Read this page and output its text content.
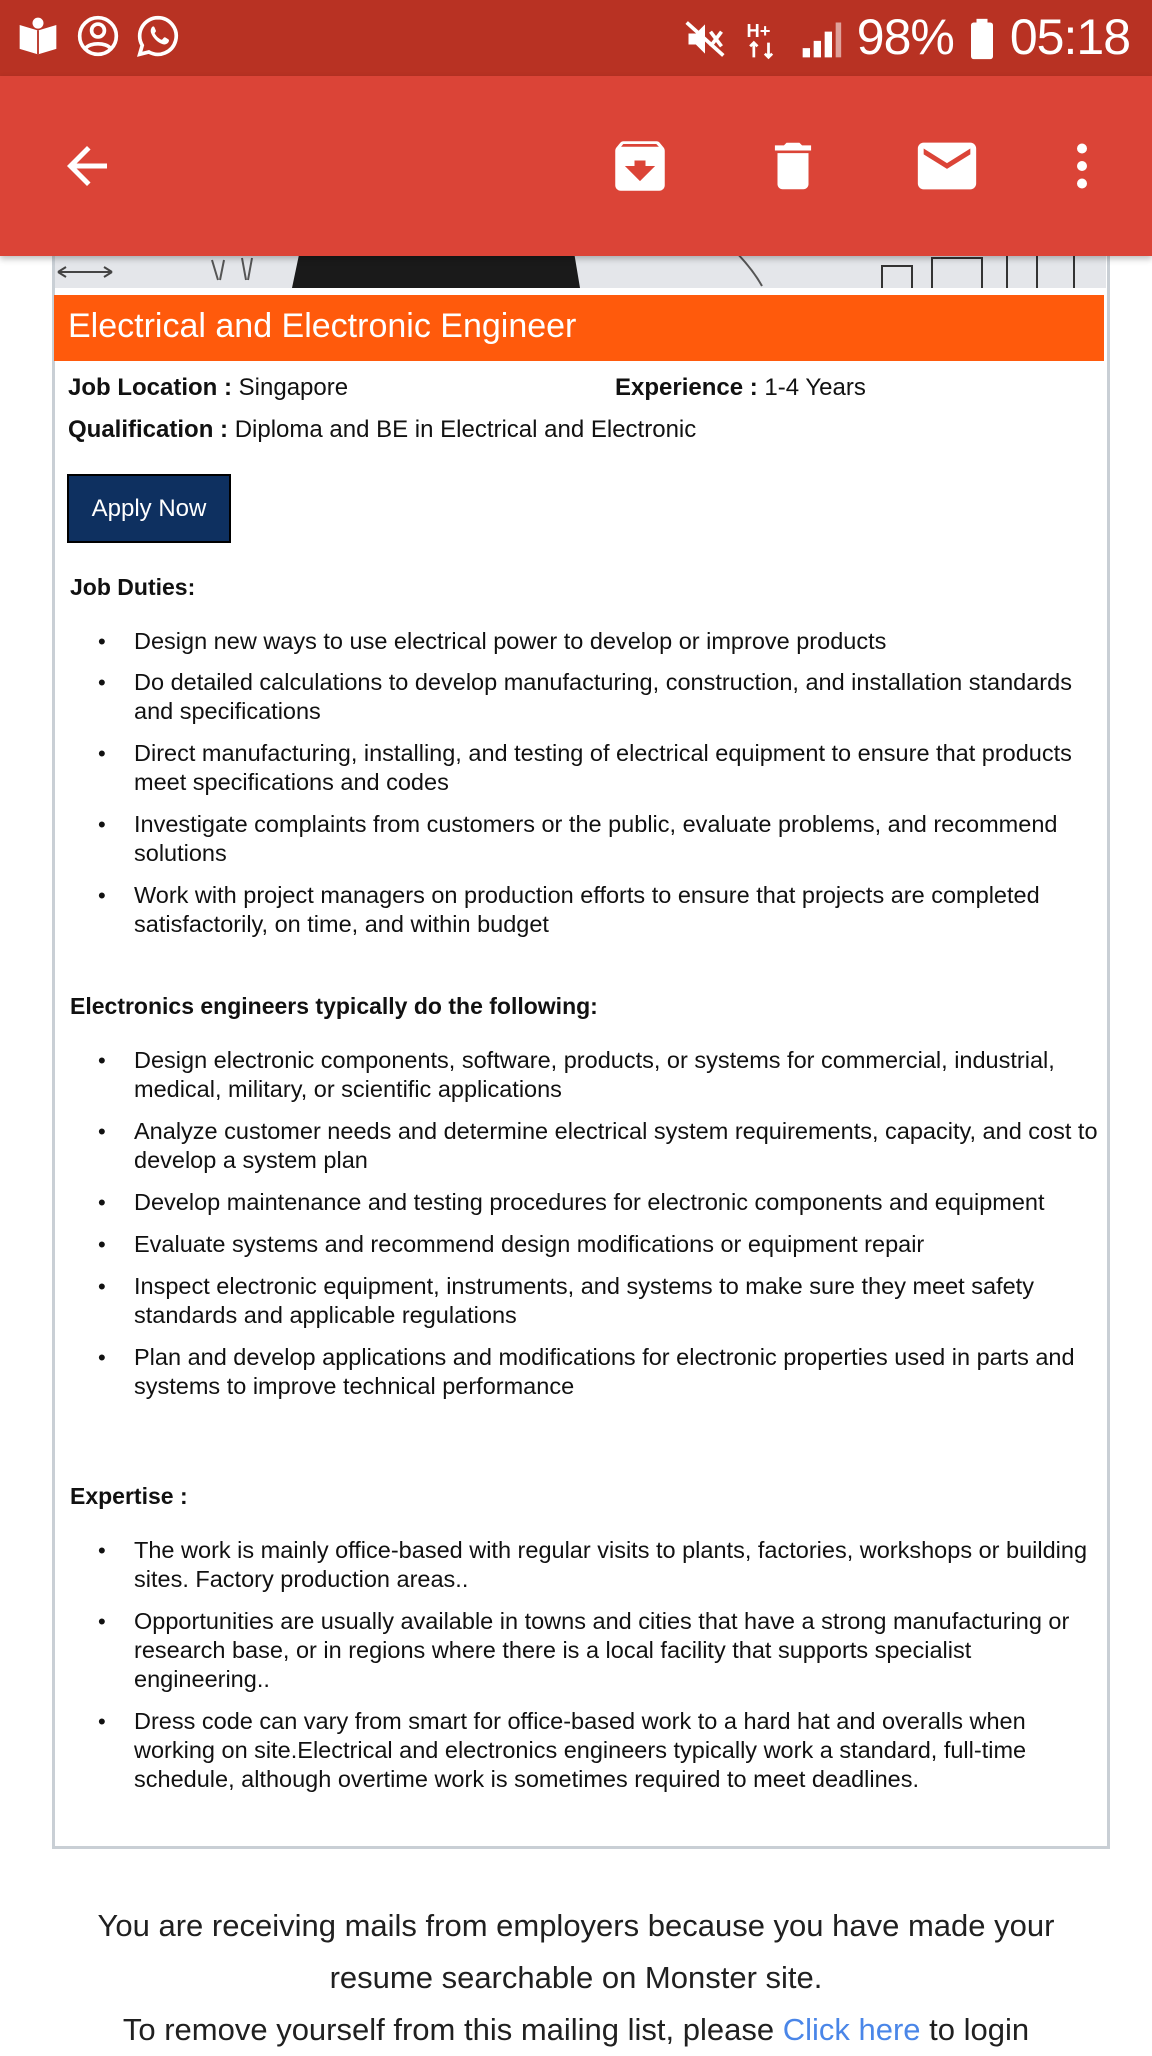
Electrical and Electronic Engineer
Job Location : Singapore	Experience : 1-4 Years
Qualification : Diploma and BE in Electrical and Electronic
Apply Now
Job Duties:
• Design new ways to use electrical power to develop or improve products
• Do detailed calculations to develop manufacturing, construction, and installation standards and specifications
• Direct manufacturing, installing, and testing of electrical equipment to ensure that products meet specifications and codes
• Investigate complaints from customers or the public, evaluate problems, and recommend solutions
• Work with project managers on production efforts to ensure that projects are completed satisfactorily, on time, and within budget
Electronics engineers typically do the following:
• Design electronic components, software, products, or systems for commercial, industrial, medical, military, or scientific applications
• Analyze customer needs and determine electrical system requirements, capacity, and cost to develop a system plan
• Develop maintenance and testing procedures for electronic components and equipment
• Evaluate systems and recommend design modifications or equipment repair
• Inspect electronic equipment, instruments, and systems to make sure they meet safety standards and applicable regulations
• Plan and develop applications and modifications for electronic properties used in parts and systems to improve technical performance
Expertise :
• The work is mainly office-based with regular visits to plants, factories, workshops or building sites. Factory production areas..
• Opportunities are usually available in towns and cities that have a strong manufacturing or research base, or in regions where there is a local facility that supports specialist engineering..
• Dress code can vary from smart for office-based work to a hard hat and overalls when working on site.Electrical and electronics engineers typically work a standard, full-time schedule, although overtime work is sometimes required to meet deadlines.
You are receiving mails from employers because you have made your
resume searchable on Monster site.
To remove yourself from this mailing list, please Click here to login
H+ 98% 05:18
